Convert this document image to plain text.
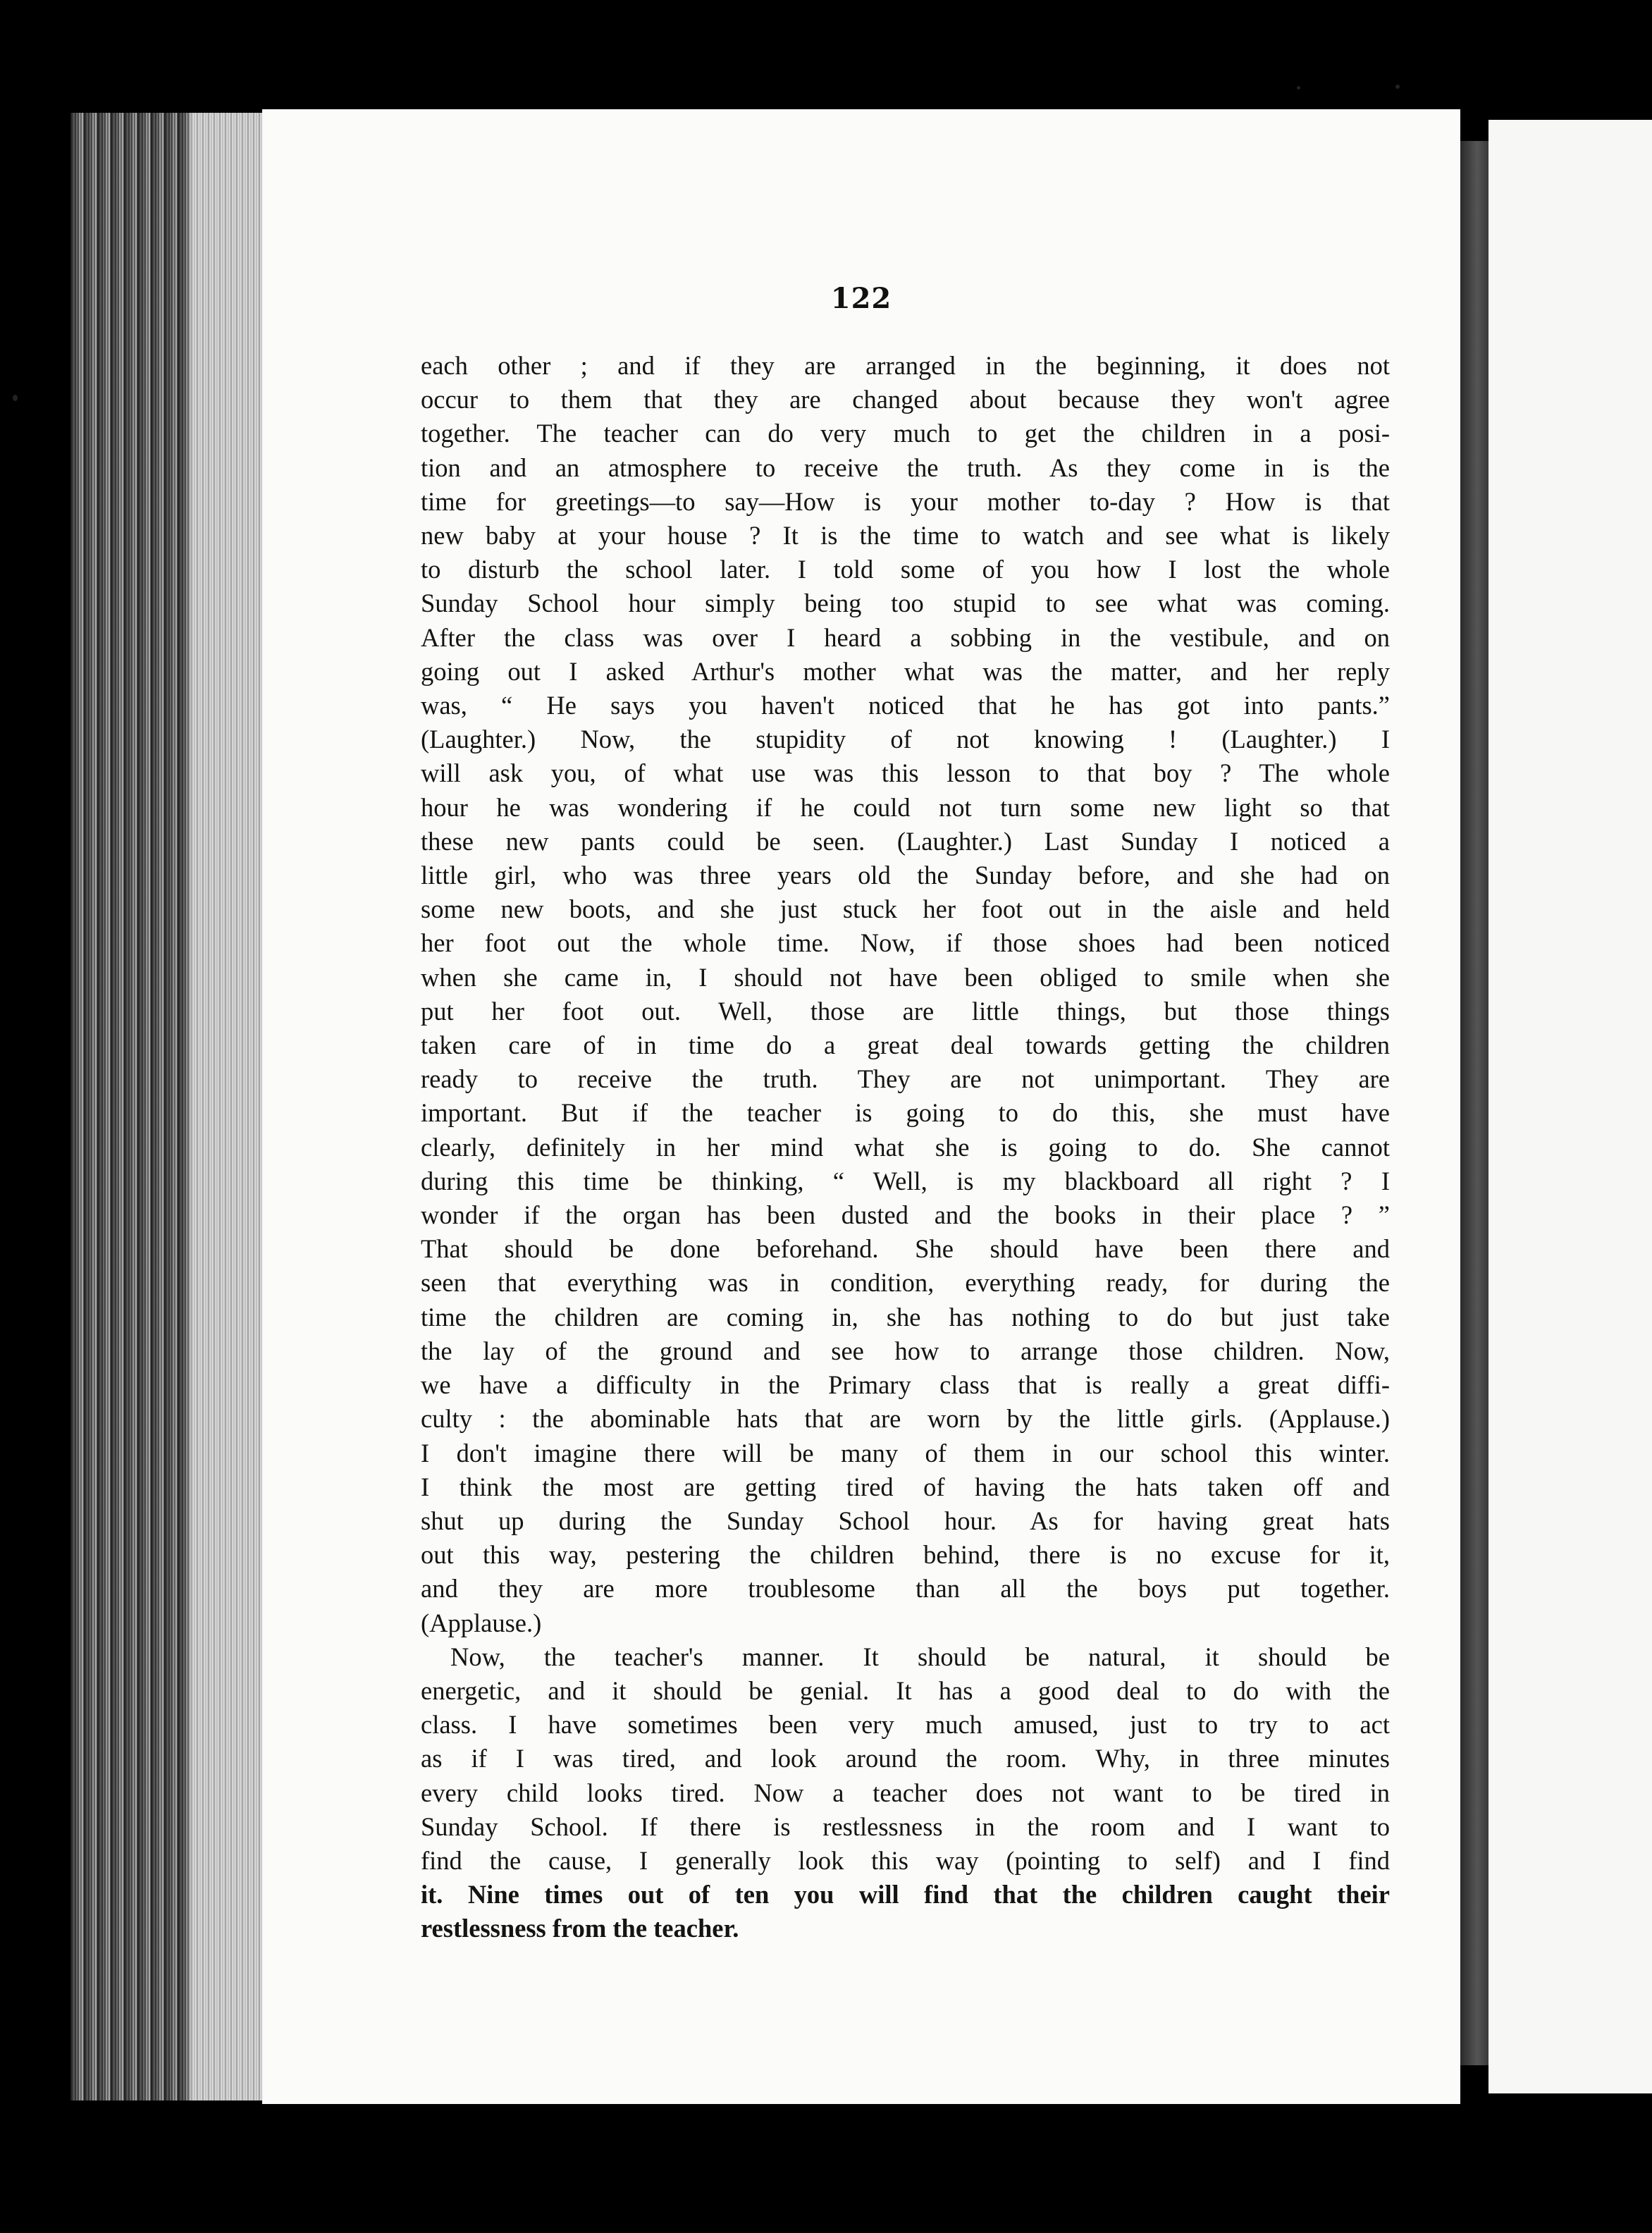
122
each other ; and if they are arranged in the beginning, it does not
occur to them that they are changed about because they won't agree
together. The teacher can do very much to get the children in a posi-
tion and an atmosphere to receive the truth. As they come in is the
time for greetings—to say—How is your mother to-day ? How is that
new baby at your house ? It is the time to watch and see what is likely
to disturb the school later. I told some of you how I lost the whole
Sunday School hour simply being too stupid to see what was coming.
After the class was over I heard a sobbing in the vestibule, and on
going out I asked Arthur's mother what was the matter, and her reply
was, “ He says you haven't noticed that he has got into pants.”
(Laughter.) Now, the stupidity of not knowing ! (Laughter.) I
will ask you, of what use was this lesson to that boy ? The whole
hour he was wondering if he could not turn some new light so that
these new pants could be seen. (Laughter.) Last Sunday I noticed a
little girl, who was three years old the Sunday before, and she had on
some new boots, and she just stuck her foot out in the aisle and held
her foot out the whole time. Now, if those shoes had been noticed
when she came in, I should not have been obliged to smile when she
put her foot out. Well, those are little things, but those things
taken care of in time do a great deal towards getting the children
ready to receive the truth. They are not unimportant. They are
important. But if the teacher is going to do this, she must have
clearly, definitely in her mind what she is going to do. She cannot
during this time be thinking, “ Well, is my blackboard all right ? I
wonder if the organ has been dusted and the books in their place ? ”
That should be done beforehand. She should have been there and
seen that everything was in condition, everything ready, for during the
time the children are coming in, she has nothing to do but just take
the lay of the ground and see how to arrange those children. Now,
we have a difficulty in the Primary class that is really a great diffi-
culty : the abominable hats that are worn by the little girls. (Applause.)
I don't imagine there will be many of them in our school this winter.
I think the most are getting tired of having the hats taken off and
shut up during the Sunday School hour. As for having great hats
out this way, pestering the children behind, there is no excuse for it,
and they are more troublesome than all the boys put together.
(Applause.)
Now, the teacher's manner. It should be natural, it should be
energetic, and it should be genial. It has a good deal to do with the
class. I have sometimes been very much amused, just to try to act
as if I was tired, and look around the room. Why, in three minutes
every child looks tired. Now a teacher does not want to be tired in
Sunday School. If there is restlessness in the room and I want to
find the cause, I generally look this way (pointing to self) and I find
it. Nine times out of ten you will find that the children caught their
restlessness from the teacher.
